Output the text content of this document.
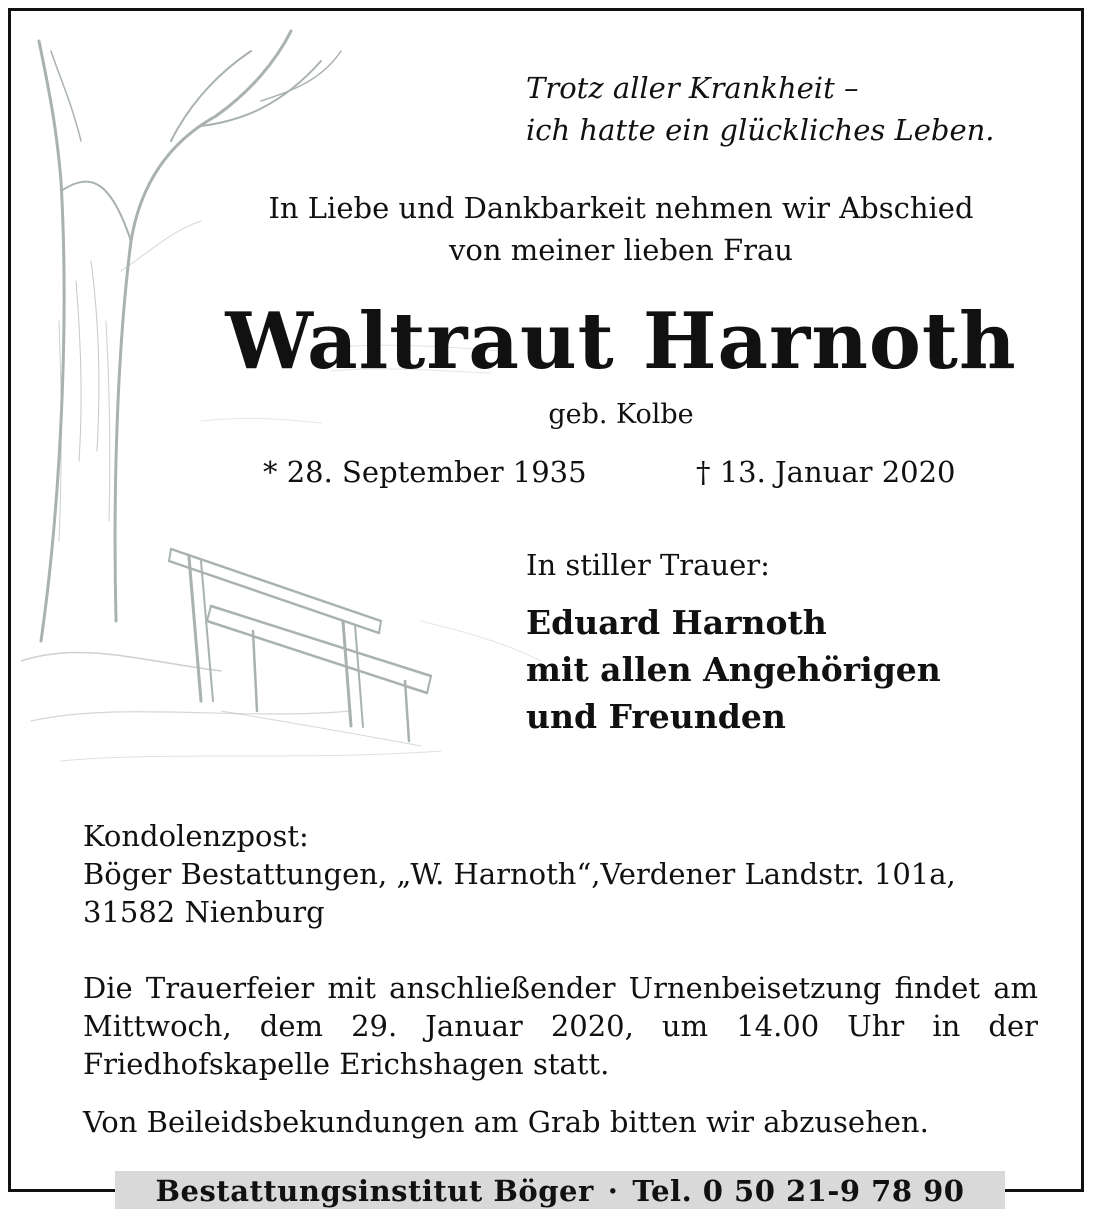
Trotz aller Krankheit –
ich hatte ein glückliches Leben.
In Liebe und Dankbarkeit nehmen wir Abschied
von meiner lieben Frau
Waltraut Harnoth
geb. Kolbe
* 28. September 1935	† 13. Januar 2020
In stiller Trauer:
Eduard Harnoth
mit allen Angehörigen
und Freunden
Kondolenzpost:
Böger Bestattungen, „W. Harnoth“,Verdener Landstr. 101a,
31582 Nienburg
Die Trauerfeier mit anschließender Urnenbeisetzung findet am Mittwoch, dem 29. Januar 2020, um 14.00 Uhr in der Friedhofskapelle Erichshagen statt.
Von Beileidsbekundungen am Grab bitten wir abzusehen.
Bestattungsinstitut Böger · Tel. 0 50 21-9 78 90
